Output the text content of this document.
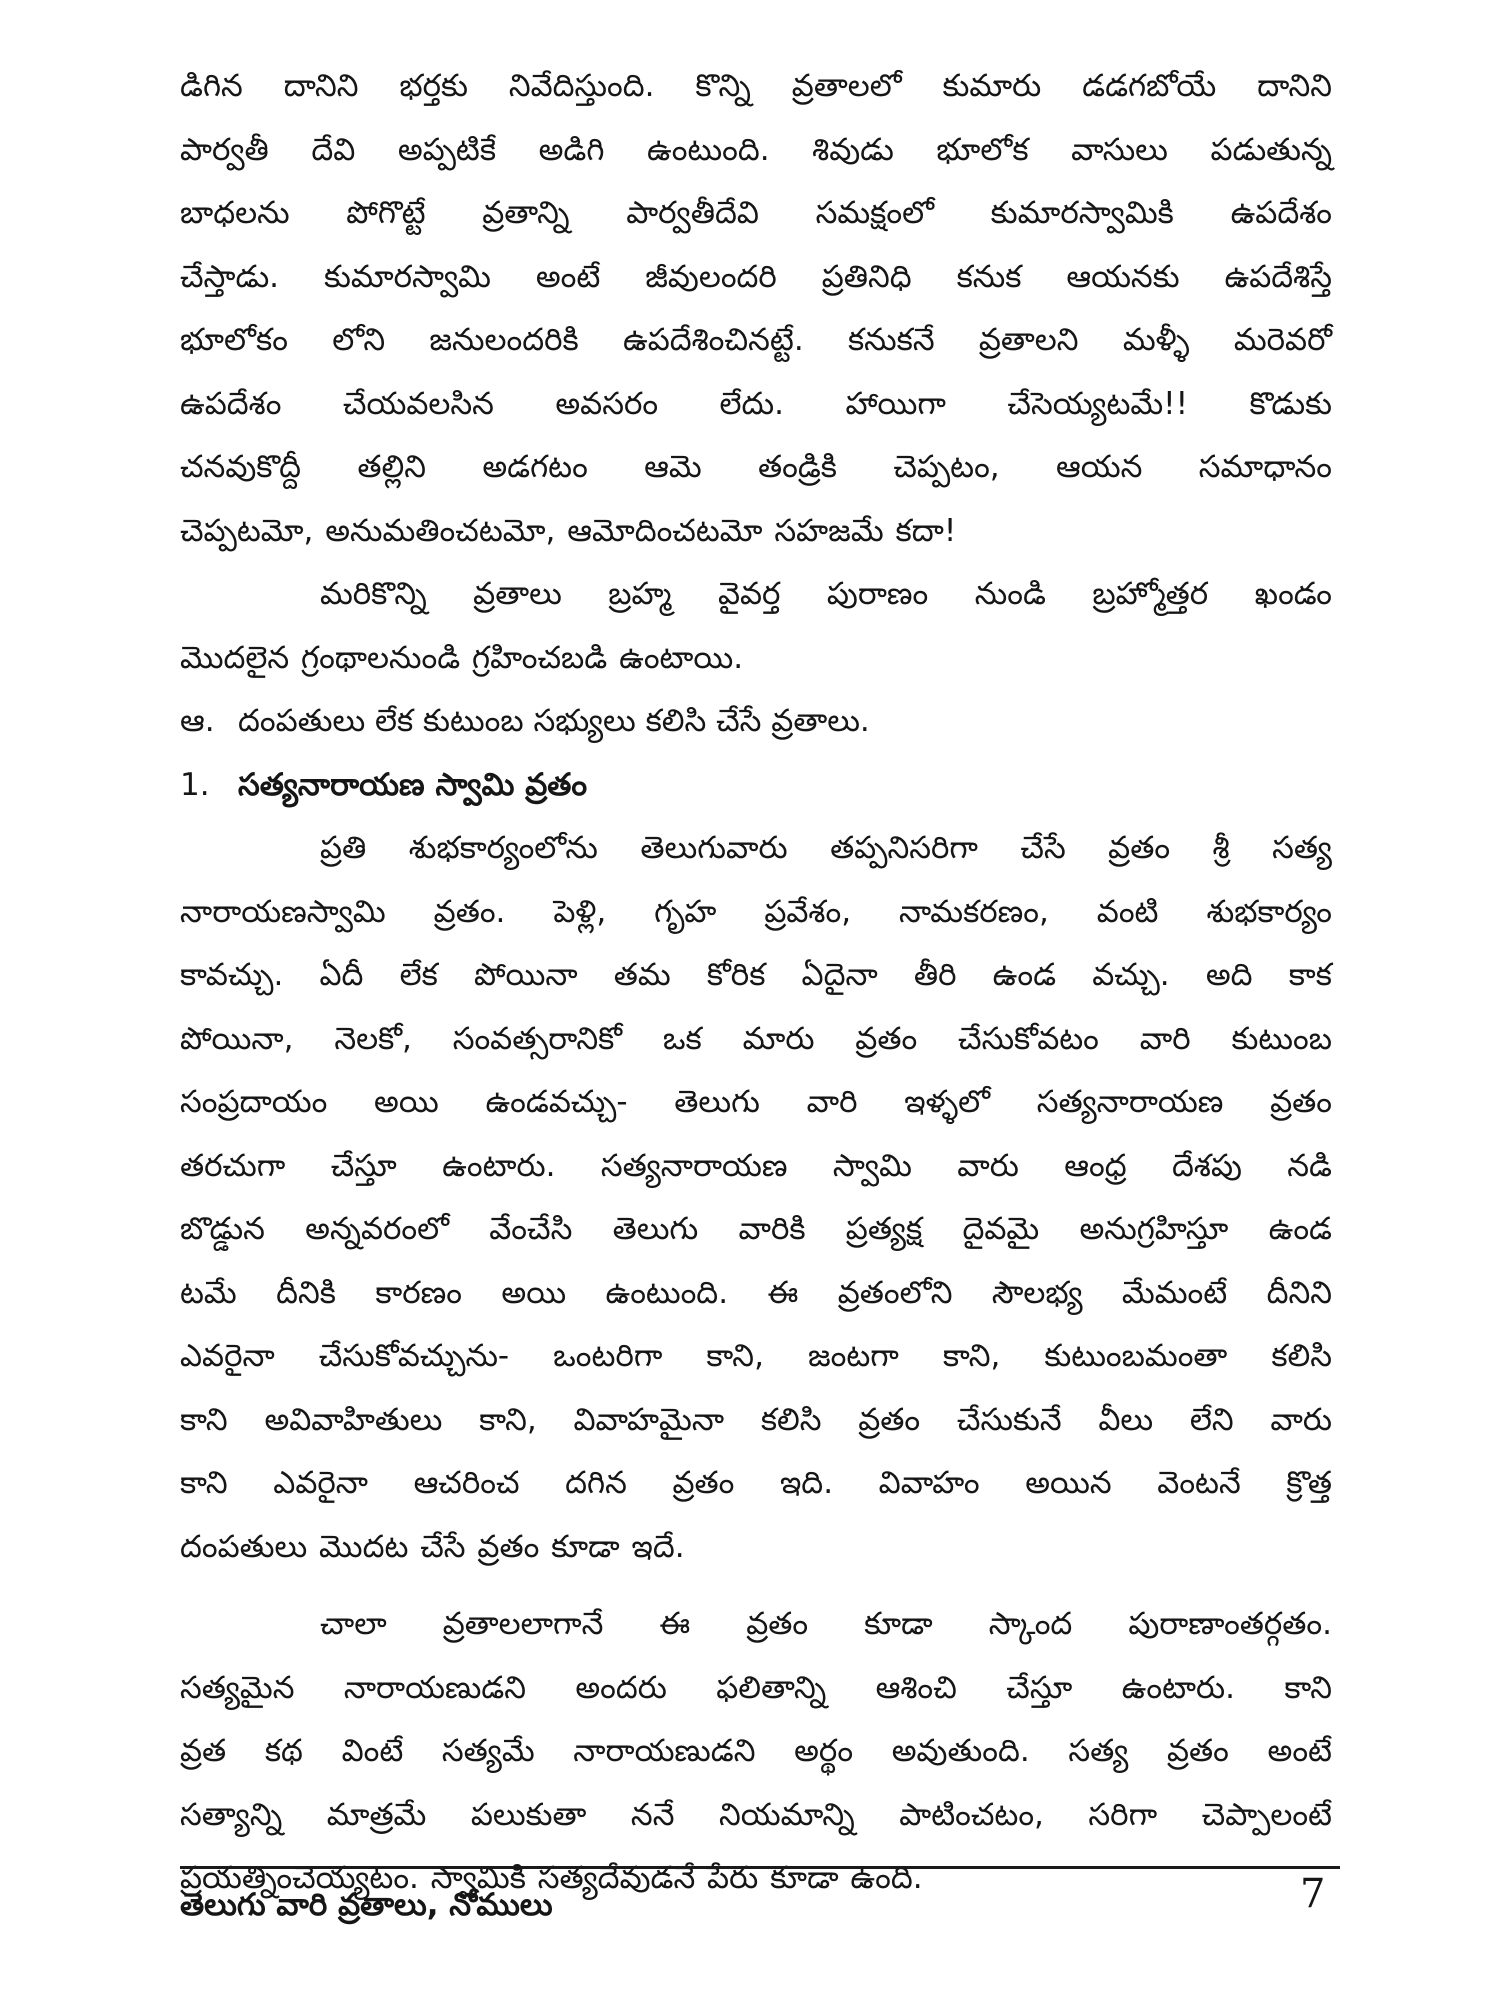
డిగిన దానిని భర్తకు నివేదిస్తుంది. కొన్ని వ్రతాలలో కుమారు డడగబోయే దానిని
పార్వతీ దేవి అప్పటికే అడిగి ఉంటుంది. శివుడు భూలోక వాసులు పడుతున్న
బాధలను పోగొట్టే వ్రతాన్ని పార్వతీదేవి సమక్షంలో కుమారస్వామికి ఉపదేశం
చేస్తాడు. కుమారస్వామి అంటే జీవులందరి ప్రతినిధి కనుక ఆయనకు ఉపదేశిస్తే
భూలోకం లోని జనులందరికి ఉపదేశించినట్టే. కనుకనే వ్రతాలని మళ్ళీ మరెవరో
ఉపదేశం చేయవలసిన అవసరం లేదు. హాయిగా చేసెయ్యటమే!! కొడుకు
చనవుకొద్దీ తల్లిని అడగటం ఆమె తండ్రికి చెప్పటం, ఆయన సమాధానం
చెప్పటమో, అనుమతించటమో, ఆమోదించటమో సహజమే కదా!
మరికొన్ని వ్రతాలు బ్రహ్మ వైవర్త పురాణం నుండి బ్రహ్మోత్తర ఖండం
మొదలైన గ్రంథాలనుండి గ్రహించబడి ఉంటాయి.

ఆ. దంపతులు లేక కుటుంబ సభ్యులు కలిసి చేసే వ్రతాలు.

1. సత్యనారాయణ స్వామి వ్రతం

ప్రతి శుభకార్యంలోను తెలుగువారు తప్పనిసరిగా చేసే వ్రతం శ్రీ సత్య
నారాయణస్వామి వ్రతం. పెళ్లి, గృహ ప్రవేశం, నామకరణం, వంటి శుభకార్యం
కావచ్చు. ఏదీ లేక పోయినా తమ కోరిక ఏదైనా తీరి ఉండ వచ్చు. అది కాక
పోయినా, నెలకో, సంవత్సరానికో ఒక మారు వ్రతం చేసుకోవటం వారి కుటుంబ
సంప్రదాయం అయి ఉండవచ్చు- తెలుగు వారి ఇళ్ళలో సత్యనారాయణ వ్రతం
తరచుగా చేస్తూ ఉంటారు. సత్యనారాయణ స్వామి వారు ఆంధ్ర దేశపు నడి
బొడ్డున అన్నవరంలో వేంచేసి తెలుగు వారికి ప్రత్యక్ష దైవమై అనుగ్రహిస్తూ ఉండ
టమే దీనికి కారణం అయి ఉంటుంది. ఈ వ్రతంలోని సౌలభ్య మేమంటే దీనిని
ఎవరైనా చేసుకోవచ్చును- ఒంటరిగా కాని, జంటగా కాని, కుటుంబమంతా కలిసి
కాని అవివాహితులు కాని, వివాహమైనా కలిసి వ్రతం చేసుకునే వీలు లేని వారు
కాని ఎవరైనా ఆచరించ దగిన వ్రతం ఇది. వివాహం అయిన వెంటనే క్రొత్త
దంపతులు మొదట చేసే వ్రతం కూడా ఇదే.
చాలా వ్రతాలలాగానే ఈ వ్రతం కూడా స్కాంద పురాణాంతర్గతం.
సత్యమైన నారాయణుడని అందరు ఫలితాన్ని ఆశించి చేస్తూ ఉంటారు. కాని
వ్రత కథ వింటే సత్యమే నారాయణుడని అర్థం అవుతుంది. సత్య వ్రతం అంటే
సత్యాన్ని మాత్రమే పలుకుతా ననే నియమాన్ని పాటించటం, సరిగా చెప్పాలంటే
ప్రయత్నించెయ్యటం. స్వామికి సత్యదేవుడనే పేరు కూడా ఉంది.
తెలుగు వారి వ్రతాలు, నోములు	7
